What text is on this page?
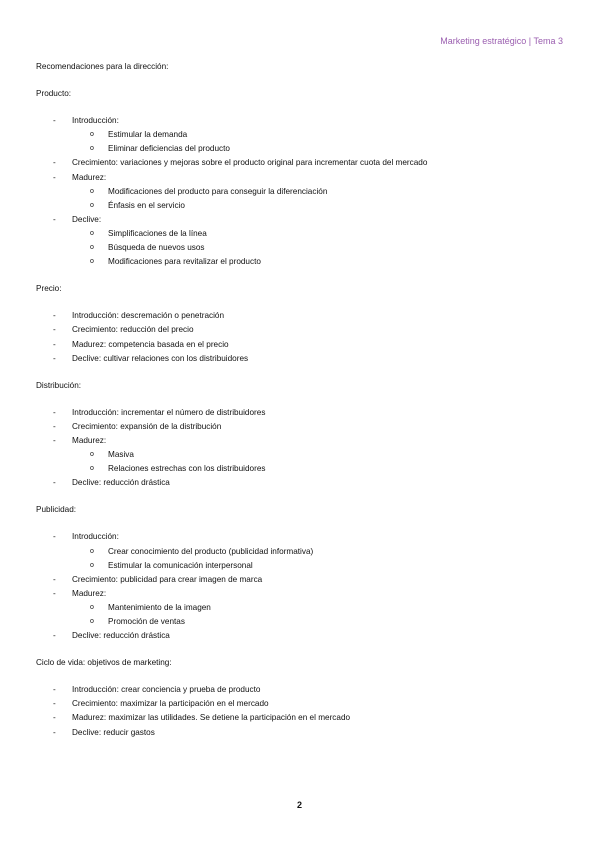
Marketing estratégico | Tema 3
Recomendaciones para la dirección:
Producto:
- Introducción:
o Estimular la demanda
o Eliminar deficiencias del producto
- Crecimiento: variaciones y mejoras sobre el producto original para incrementar cuota del mercado
- Madurez:
o Modificaciones del producto para conseguir la diferenciación
o Énfasis en el servicio
- Declive:
o Simplificaciones de la línea
o Búsqueda de nuevos usos
o Modificaciones para revitalizar el producto
Precio:
- Introducción: descremación o penetración
- Crecimiento: reducción del precio
- Madurez: competencia basada en el precio
- Declive: cultivar relaciones con los distribuidores
Distribución:
- Introducción: incrementar el número de distribuidores
- Crecimiento: expansión de la distribución
- Madurez:
o Masiva
o Relaciones estrechas con los distribuidores
- Declive: reducción drástica
Publicidad:
- Introducción:
o Crear conocimiento del producto (publicidad informativa)
o Estimular la comunicación interpersonal
- Crecimiento: publicidad para crear imagen de marca
- Madurez:
o Mantenimiento de la imagen
o Promoción de ventas
- Declive: reducción drástica
Ciclo de vida: objetivos de marketing:
- Introducción: crear conciencia y prueba de producto
- Crecimiento: maximizar la participación en el mercado
- Madurez: maximizar las utilidades. Se detiene la participación en el mercado
- Declive: reducir gastos
2
